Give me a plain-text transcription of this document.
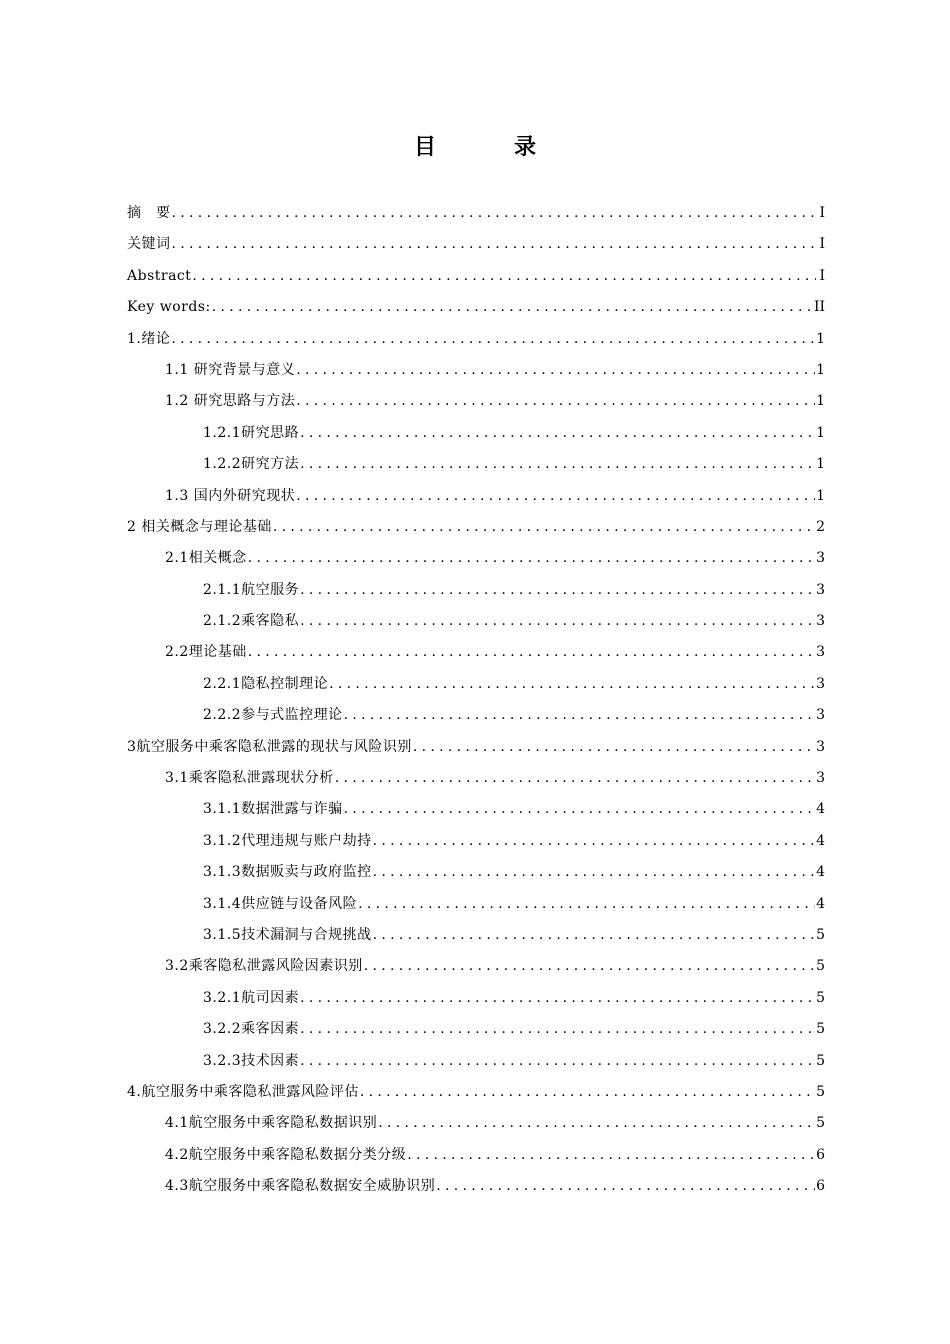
目　录
摘　要 .....	I
关键词 .....	I
Abstract .....	I
Key words: .....	II
1.绪论 .....	1
1.1 研究背景与意义 .....	1
1.2 研究思路与方法 .....	1
1.2.1研究思路 .....	1
1.2.2研究方法 .....	1
1.3 国内外研究现状 .....	1
2 相关概念与理论基础 .....	2
2.1相关概念 .....	3
2.1.1航空服务 .....	3
2.1.2乘客隐私 .....	3
2.2理论基础 .....	3
2.2.1隐私控制理论 .....	3
2.2.2参与式监控理论 .....	3
3航空服务中乘客隐私泄露的现状与风险识别 .....	3
3.1乘客隐私泄露现状分析 .....	3
3.1.1数据泄露与诈骗 .....	4
3.1.2代理违规与账户劫持 .....	4
3.1.3数据贩卖与政府监控 .....	4
3.1.4供应链与设备风险 .....	4
3.1.5技术漏洞与合规挑战 .....	5
3.2乘客隐私泄露风险因素识别 .....	5
3.2.1航司因素 .....	5
3.2.2乘客因素 .....	5
3.2.3技术因素 .....	5
4.航空服务中乘客隐私泄露风险评估 .....	5
4.1航空服务中乘客隐私数据识别 .....	5
4.2航空服务中乘客隐私数据分类分级 .....	6
4.3航空服务中乘客隐私数据安全威胁识别 .....	6
